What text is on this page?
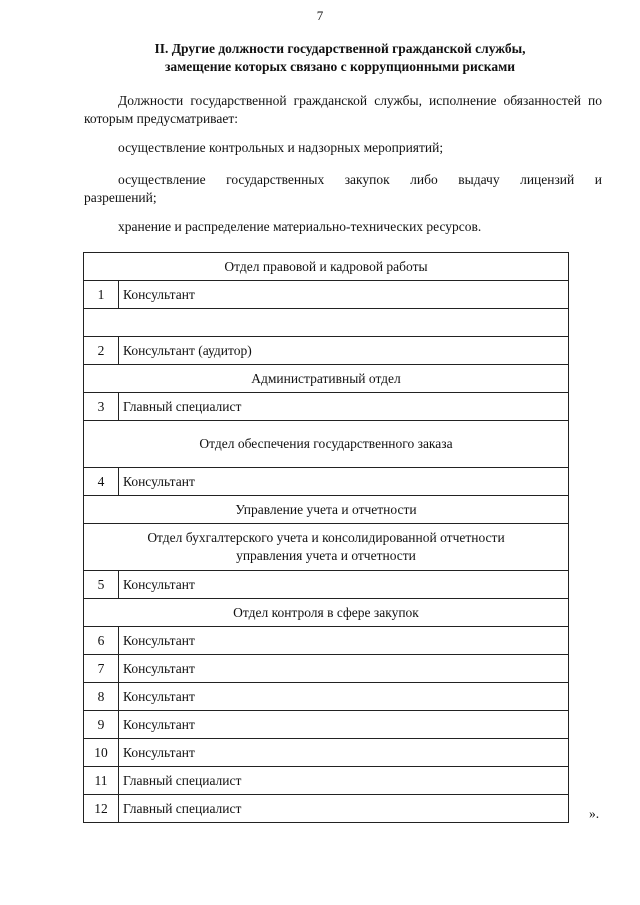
7
II. Другие должности государственной гражданской службы,
замещение которых связано с коррупционными рисками
Должности государственной гражданской службы, исполнение обязанностей по которым предусматривает:
осуществление контрольных и надзорных мероприятий;
осуществление государственных закупок либо выдачу лицензий и
разрешений;
хранение и распределение материально-технических ресурсов.
Отдел правовой и кадровой работы	
1	Консультант

2	Консультант (аудитор)
Административный отдел	
3	Главный специалист
Отдел обеспечения государственного заказа	
4	Консультант
Управление учета и отчетности	

Отдел бухгалтерского учета и консолидированной отчетности
управления учета и отчетности	

5	Консультант
Отдел контроля в сфере закупок	
6	Консультант
7	Консультант
8	Консультант
9	Консультант
10	Консультант
11	Главный специалист
12	Главный специалист	».
